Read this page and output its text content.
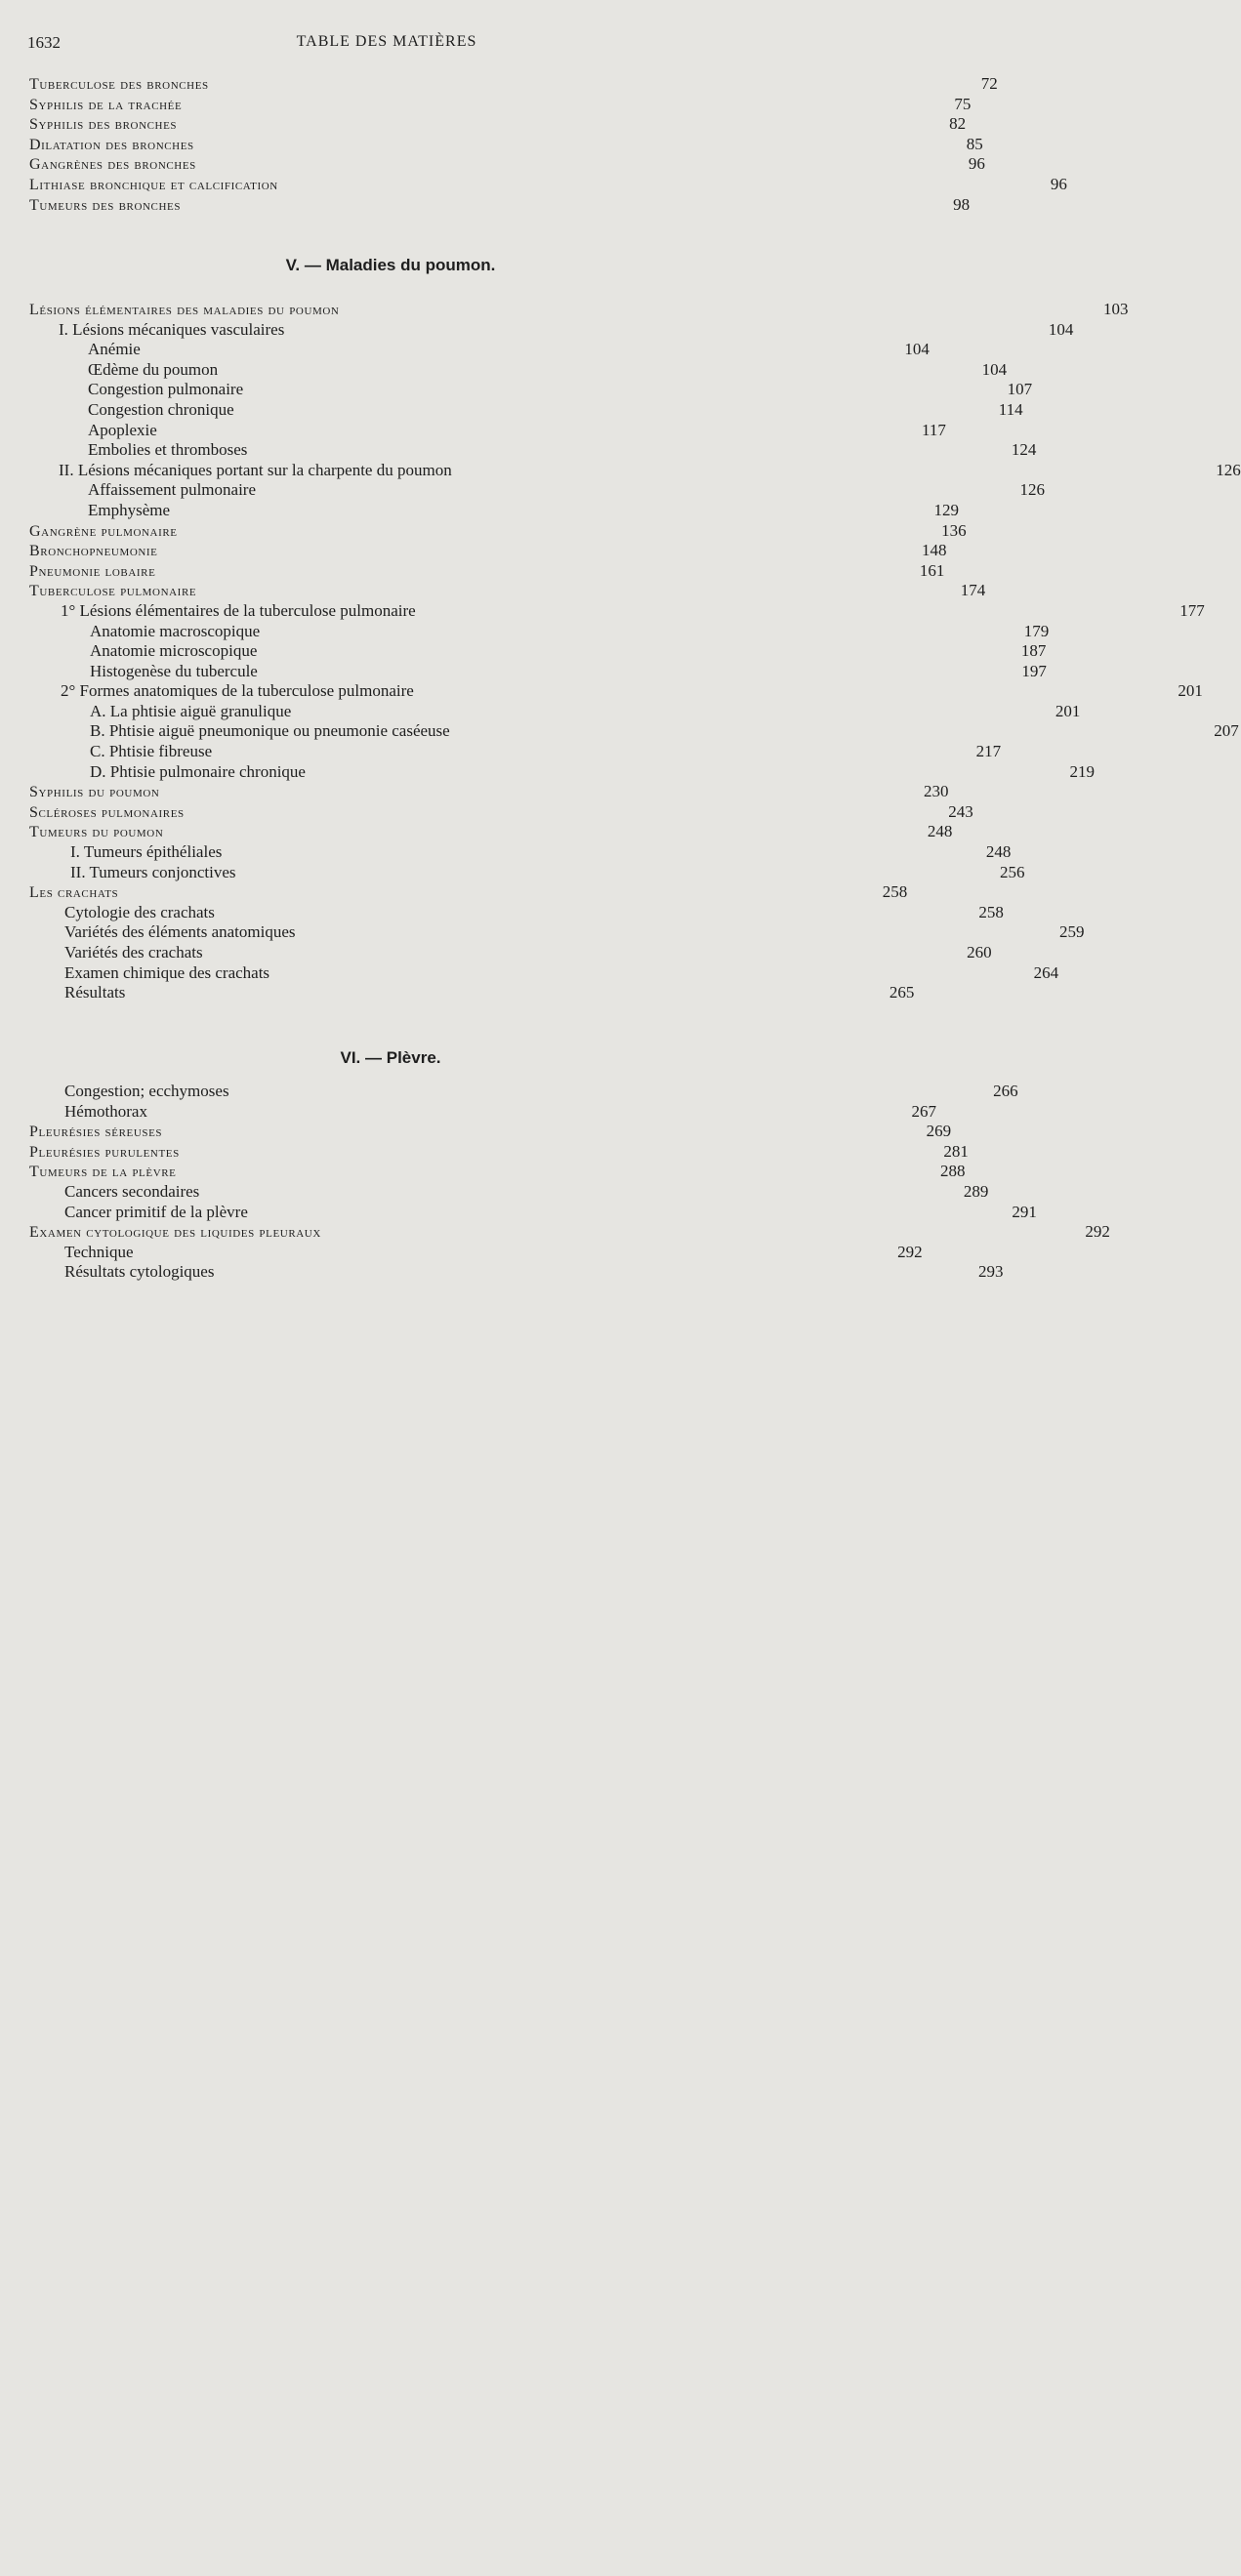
1632	TABLE DES MATIÈRES
Tuberculose des bronches	72
Syphilis de la trachée	75
Syphilis des bronches	82
Dilatation des bronches	85
Gangrènes des bronches	96
Lithiase bronchique et calcification	96
Tumeurs des bronches	98
V. — Maladies du poumon.
Lésions élémentaires des maladies du poumon	103
I. Lésions mécaniques vasculaires	104
Anémie	104
Œdème du poumon	104
Congestion pulmonaire	107
Congestion chronique	114
Apoplexie	117
Embolies et thromboses	124
II. Lésions mécaniques portant sur la charpente du poumon	126
Affaissement pulmonaire	126
Emphysème	129
Gangrène pulmonaire	136
Bronchopneumonie	148
Pneumonie lobaire	161
Tuberculose pulmonaire	174
1° Lésions élémentaires de la tuberculose pulmonaire	177
Anatomie macroscopique	179
Anatomie microscopique	187
Histogenèse du tubercule	197
2° Formes anatomiques de la tuberculose pulmonaire	201
A. La phtisie aiguë granulique	201
B. Phtisie aiguë pneumonique ou pneumonie caséeuse	207
C. Phtisie fibreuse	217
D. Phtisie pulmonaire chronique	219
Syphilis du poumon	230
Scléroses pulmonaires	243
Tumeurs du poumon	248
I. Tumeurs épithéliales	248
II. Tumeurs conjonctives	256
Les crachats	258
Cytologie des crachats	258
Variétés des éléments anatomiques	259
Variétés des crachats	260
Examen chimique des crachats	264
Résultats	265
VI. — Plèvre.
Congestion; ecchymoses	266
Hémothorax	267
Pleurésies séreuses	269
Pleurésies purulentes	281
Tumeurs de la plèvre	288
Cancers secondaires	289
Cancer primitif de la plèvre	291
Examen cytologique des liquides pleuraux	292
Technique	292
Résultats cytologiques	293
